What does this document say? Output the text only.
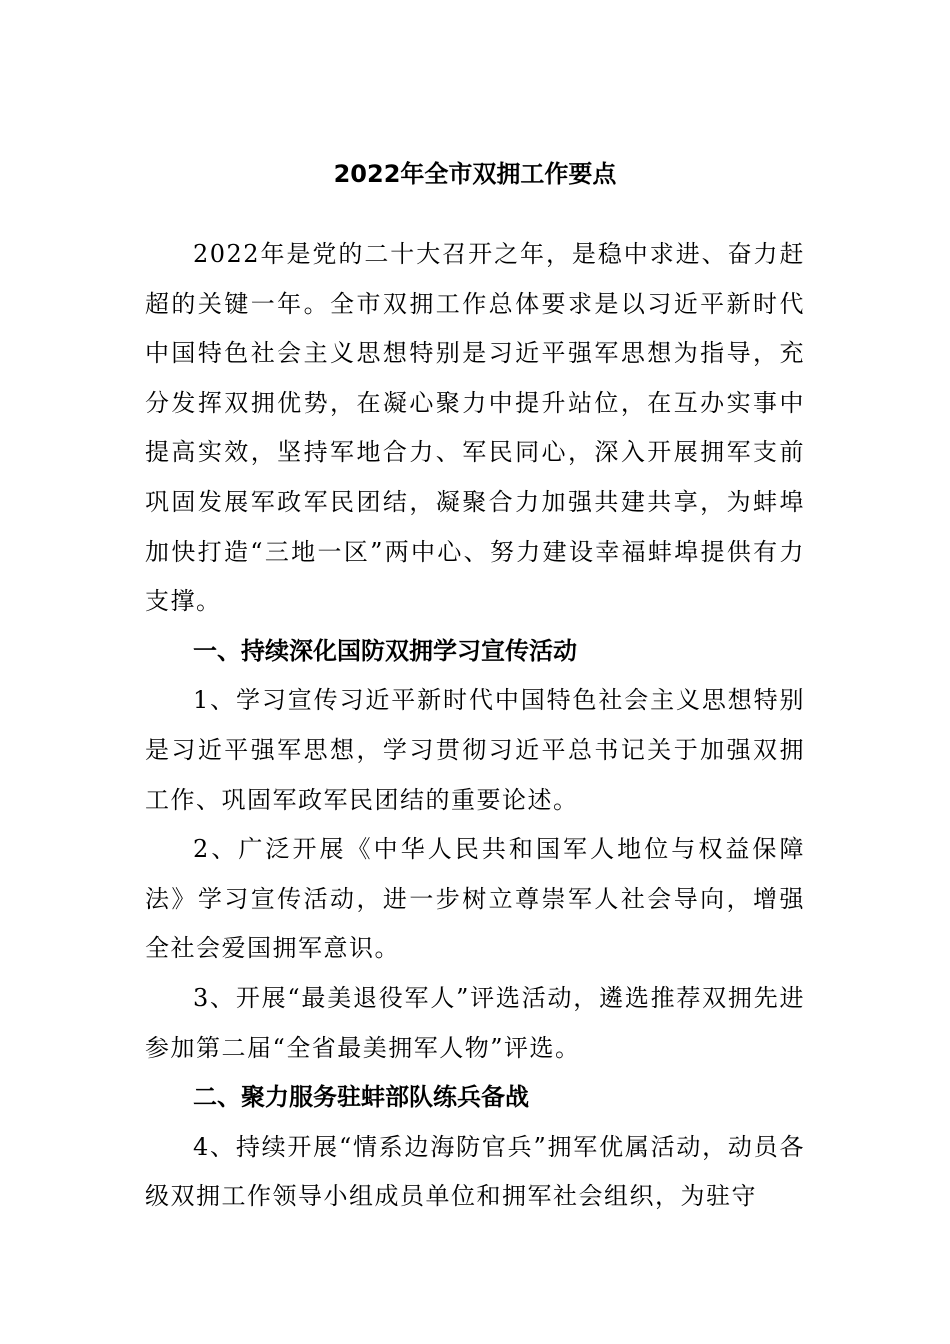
2022年全市双拥工作要点

2022年是党的二十大召开之年，是稳中求进、奋力赶超的关键一年。全市双拥工作总体要求是以习近平新时代中国特色社会主义思想特别是习近平强军思想为指导，充分发挥双拥优势，在凝心聚力中提升站位，在互办实事中提高实效，坚持军地合力、军民同心，深入开展拥军支前巩固发展军政军民团结，凝聚合力加强共建共享，为蚌埠加快打造“三地一区”两中心、努力建设幸福蚌埠提供有力支撑。

一、持续深化国防双拥学习宣传活动

1、学习宣传习近平新时代中国特色社会主义思想特别是习近平强军思想，学习贯彻习近平总书记关于加强双拥工作、巩固军政军民团结的重要论述。

2、广泛开展《中华人民共和国军人地位与权益保障法》学习宣传活动，进一步树立尊崇军人社会导向，增强全社会爱国拥军意识。

3、开展“最美退役军人”评选活动，遴选推荐双拥先进参加第二届“全省最美拥军人物”评选。

二、聚力服务驻蚌部队练兵备战

4、持续开展“情系边海防官兵”拥军优属活动，动员各级双拥工作领导小组成员单位和拥军社会组织，为驻守
